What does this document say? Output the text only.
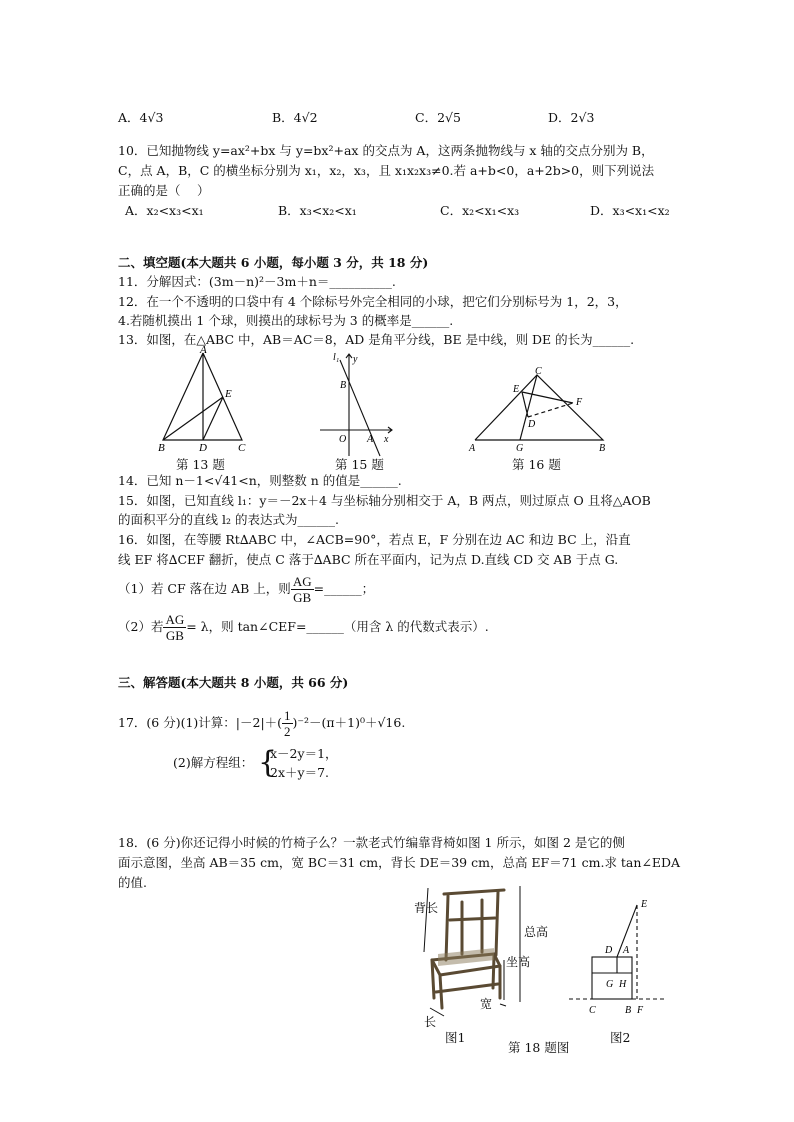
A．4√3	B．4√2	C．2√5	D．2√3
10．已知抛物线 y=ax²+bx 与 y=bx²+ax 的交点为 A，这两条抛物线与 x 轴的交点分别为 B，
C，点 A，B，C 的横坐标分别为 x₁，x₂，x₃，且 x₁x₂x₃≠0.若 a+b<0，a+2b>0，则下列说法
正确的是（　 ）
A．x₂<x₃<x₁	B．x₃<x₂<x₁	C．x₂<x₁<x₃	D．x₃<x₁<x₂
二、填空题(本大题共 6 小题，每小题 3 分，共 18 分)
11．分解因式：(3m－n)²－3m＋n＝__________.
12．在一个不透明的口袋中有 4 个除标号外完全相同的小球，把它们分别标号为 1，2，3，
4.若随机摸出 1 个球，则摸出的球标号为 3 的概率是______.
13．如图，在△ABC 中，AB＝AC＝8，AD 是角平分线，BE 是中线，则 DE 的长为______.
A
E
B	D	C
l₁ y
B
O A x
C
E
F
D
A	G	B
第 13 题	第 15 题	第 16 题
14．已知 n－1<√41<n，则整数 n 的值是______.
15．如图，已知直线 l₁：y＝－2x＋4 与坐标轴分别相交于 A，B 两点，则过原点 O 且将△AOB
的面积平分的直线 l₂ 的表达式为______.
16．如图，在等腰 Rt∆ABC 中，∠ACB=90°，若点 E，F 分别在边 AC 和边 BC 上，沿直
线 EF 将∆CEF 翻折，使点 C 落于∆ABC 所在平面内，记为点 D.直线 CD 交 AB 于点 G.
（1）若 CF 落在边 AB 上，则 $\frac{AG}{GB}$ =______；
（2）若 $\frac{AG}{GB} = \lambda$，则 tan∠CEF=______（用含 λ 的代数式表示）.
三、解答题(本大题共 8 小题，共 66 分)
17．(6 分)(1)计算：$|-2|+( \frac{1}{2} )^{-2}-(\pi+1)^0+√16$.
(2)解方程组： {
x－2y＝1，
2x＋y＝7.
18．(6 分)你还记得小时候的竹椅子么？一款老式竹编靠背椅如图 1 所示，如图 2 是它的侧
面示意图，坐高 AB＝35 cm，宽 BC＝31 cm，背长 DE＝39 cm，总高 EF＝71 cm.求 tan∠EDA
的值.
背长
总高
坐高
长
宽
E
D A
G H
C	B F
图1
第 18 题图
图2
